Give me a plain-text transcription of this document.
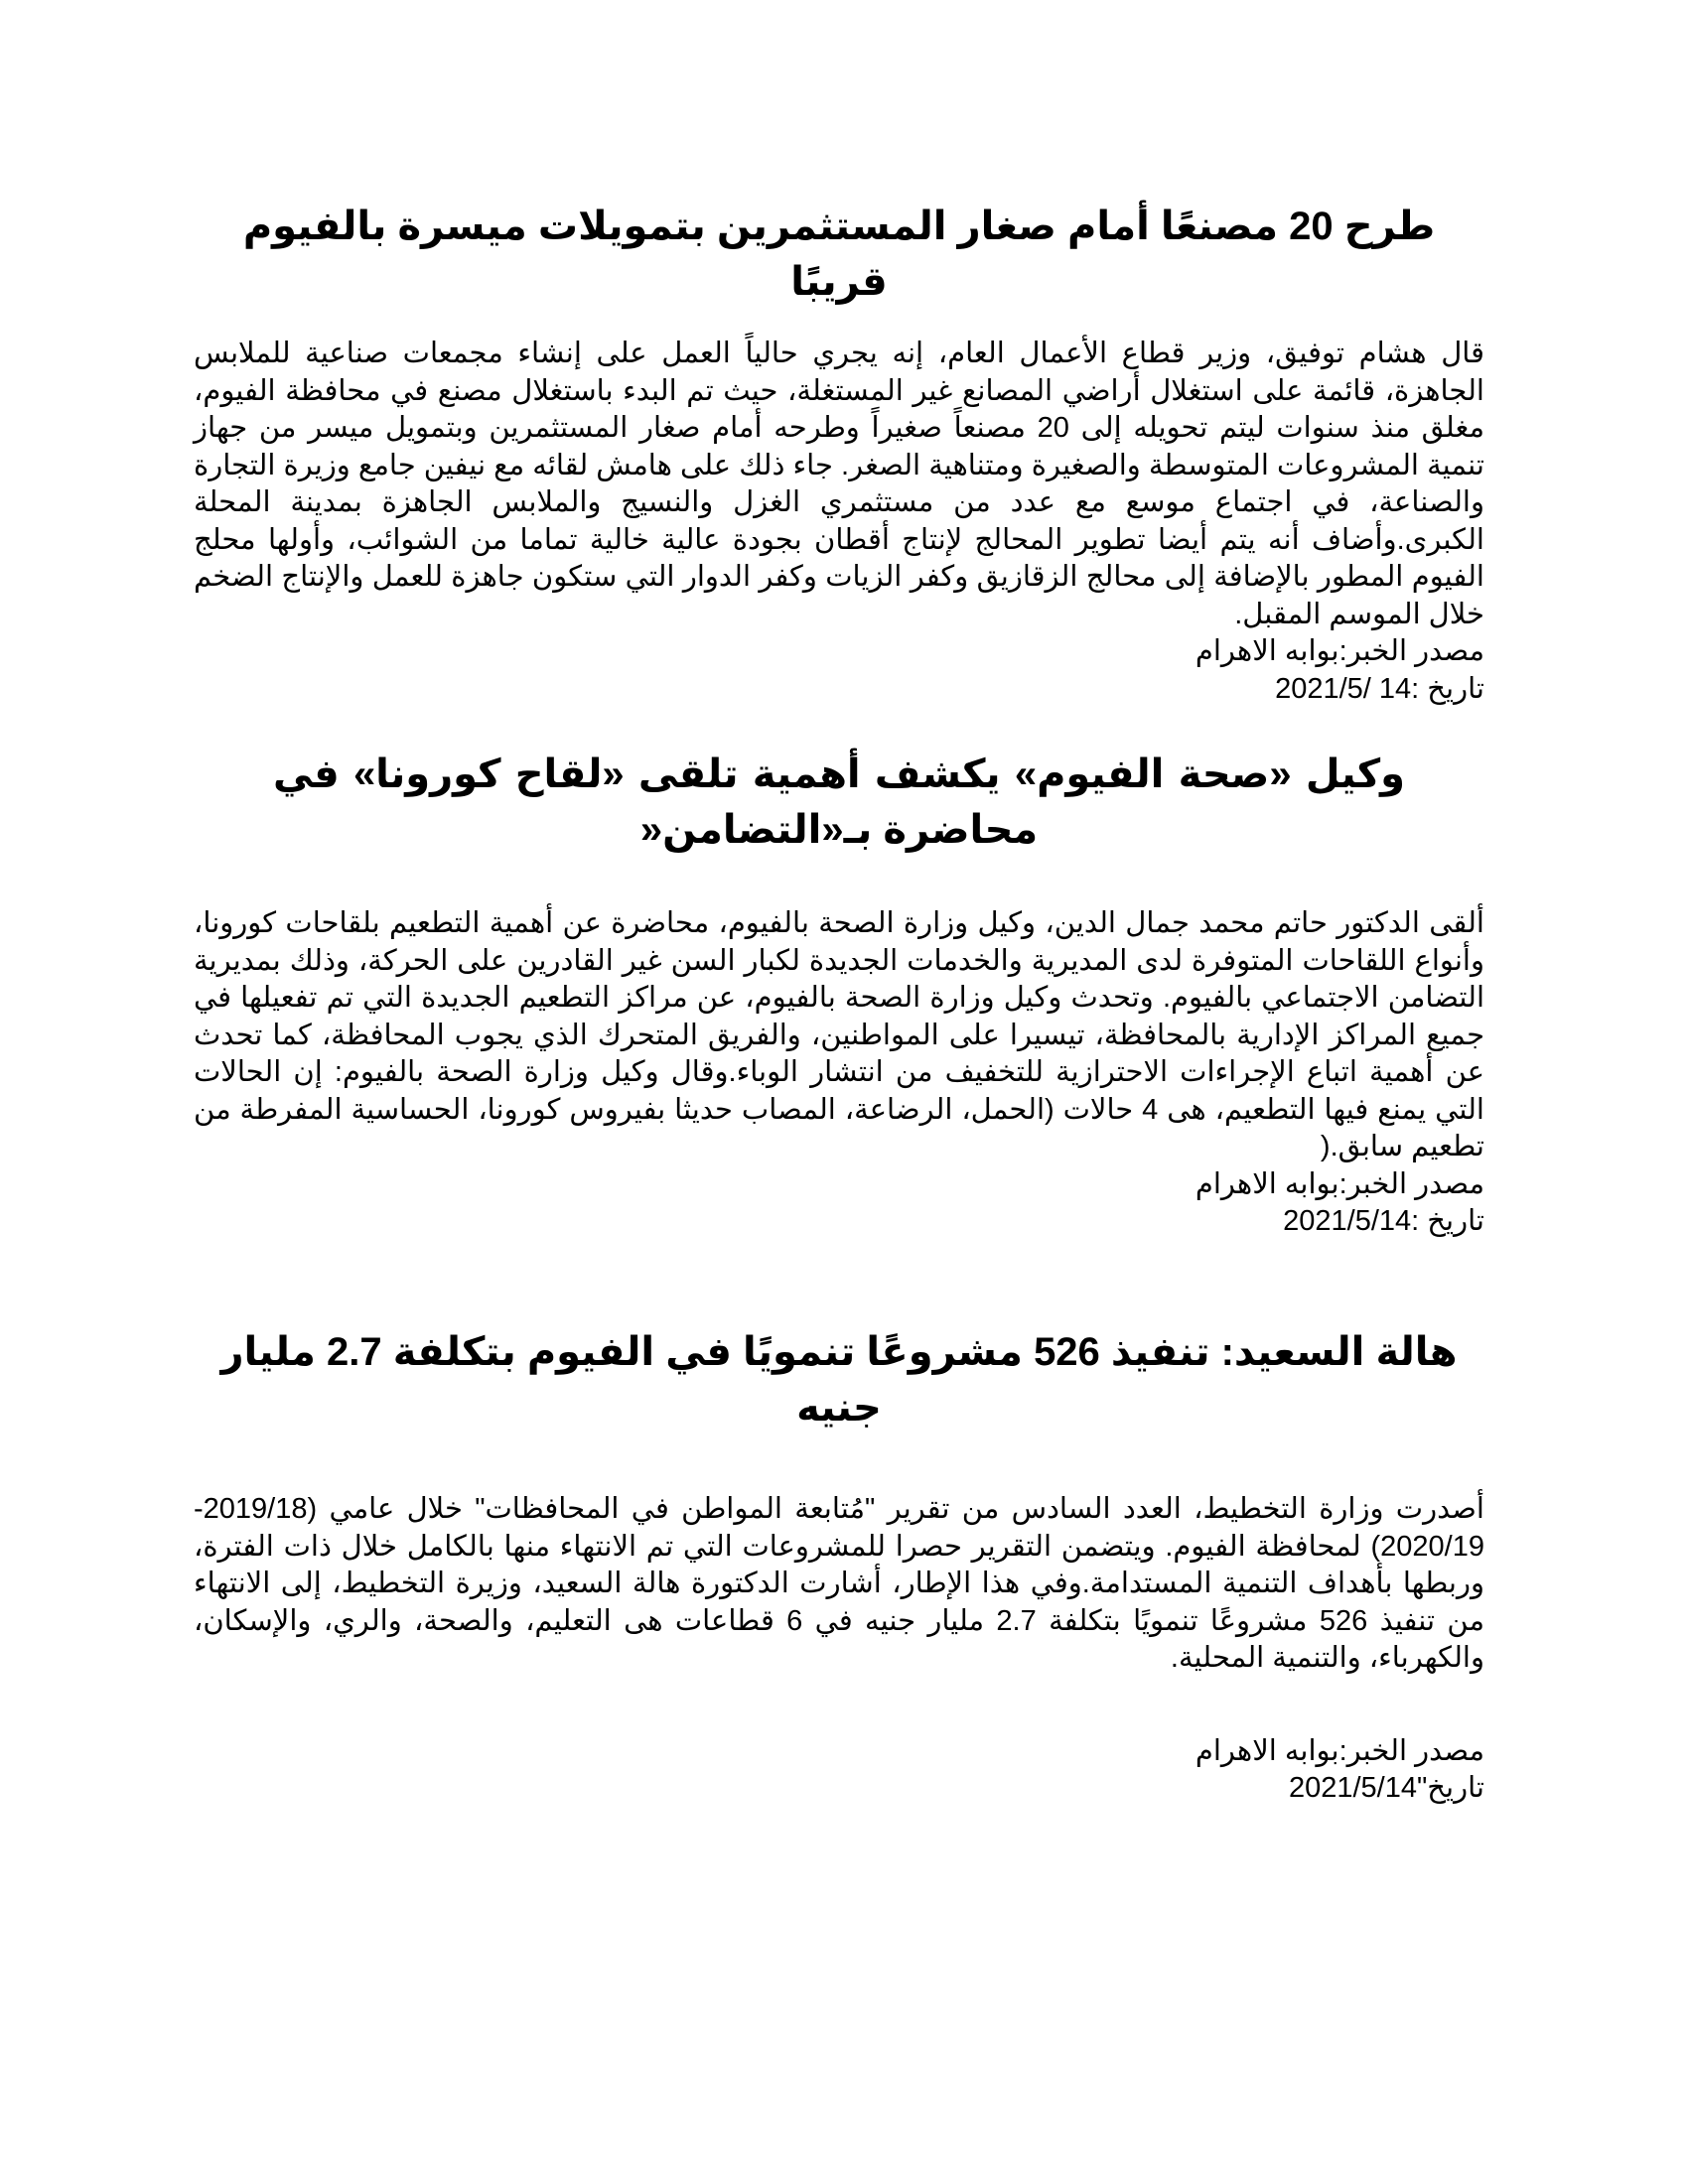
طرح 20 مصنعًا أمام صغار المستثمرين بتمويلات ميسرة بالفيوم قريبًا

قال هشام توفيق، وزير قطاع الأعمال العام، إنه يجري حالياً العمل على إنشاء مجمعات صناعية للملابس الجاهزة، قائمة على استغلال أراضي المصانع غير المستغلة، حيث تم البدء باستغلال مصنع في محافظة الفيوم، مغلق منذ سنوات ليتم تحويله إلى 20 مصنعاً صغيراً وطرحه أمام صغار المستثمرين وبتمويل ميسر من جهاز تنمية المشروعات المتوسطة والصغيرة ومتناهية الصغر. جاء ذلك على هامش لقائه مع نيفين جامع وزيرة التجارة والصناعة، في اجتماع موسع مع عدد من مستثمري الغزل والنسيج والملابس الجاهزة بمدينة المحلة الكبرى.وأضاف أنه يتم أيضا تطوير المحالج لإنتاج أقطان بجودة عالية خالية تماما من الشوائب، وأولها محلج الفيوم المطور بالإضافة إلى محالج الزقازيق وكفر الزيات وكفر الدوار التي ستكون جاهزة للعمل والإنتاج الضخم خلال الموسم المقبل.

مصدر الخبر:بوابه الاهرام

تاريخ :14 /2021/5

وكيل «صحة الفيوم» يكشف أهمية تلقى «لقاح كورونا» في محاضرة بـ«التضامن«

ألقى الدكتور حاتم محمد جمال الدين، وكيل وزارة الصحة بالفيوم، محاضرة عن أهمية التطعيم بلقاحات كورونا، وأنواع اللقاحات المتوفرة لدى المديرية والخدمات الجديدة لكبار السن غير القادرين على الحركة، وذلك بمديرية التضامن الاجتماعي بالفيوم. وتحدث وكيل وزارة الصحة بالفيوم، عن مراكز التطعيم الجديدة التي تم تفعيلها في جميع المراكز الإدارية بالمحافظة، تيسيرا على المواطنين، والفريق المتحرك الذي يجوب المحافظة، كما تحدث عن أهمية اتباع الإجراءات الاحترازية للتخفيف من انتشار الوباء.وقال وكيل وزارة الصحة بالفيوم: إن الحالات التي يمنع فيها التطعيم، هى 4 حالات (الحمل، الرضاعة، المصاب حديثا بفيروس كورونا، الحساسية المفرطة من تطعيم سابق.(

مصدر الخبر:بوابه الاهرام

تاريخ :2021/5/14

هالة السعيد: تنفيذ 526 مشروعًا تنمويًا في الفيوم بتكلفة 2.7 مليار جنيه

أصدرت وزارة التخطيط، العدد السادس من تقرير "مُتابعة المواطن في المحافظات" خلال عامي (2019/18- 2020/19) لمحافظة الفيوم. ويتضمن التقرير حصرا للمشروعات التي تم الانتهاء منها بالكامل خلال ذات الفترة، وربطها بأهداف التنمية المستدامة.وفي هذا الإطار، أشارت الدكتورة هالة السعيد، وزيرة التخطيط، إلى الانتهاء من تنفيذ 526 مشروعًا تنمويًا بتكلفة 2.7 مليار جنيه في 6 قطاعات هى التعليم، والصحة، والري، والإسكان، والكهرباء، والتنمية المحلية.

مصدر الخبر:بوابه الاهرام

تاريخ"2021/5/14
